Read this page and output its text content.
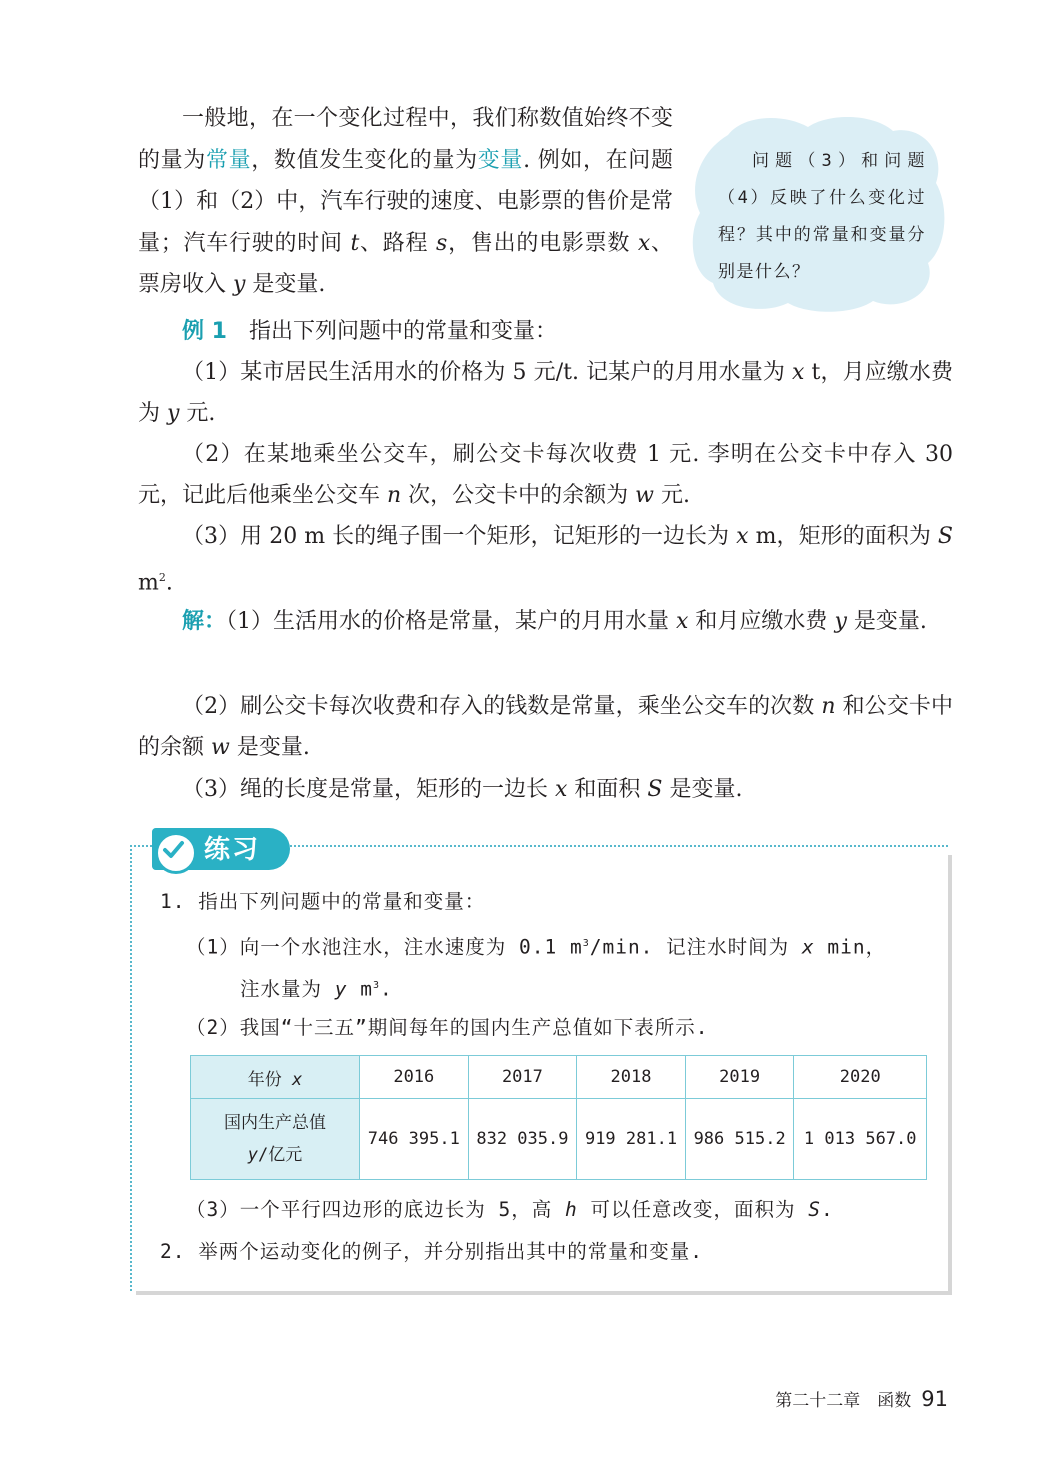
一般地，在一个变化过程中，我们称数值始终不变的量为常量，数值发生变化的量为变量. 例如，在问题（1）和（2）中，汽车行驶的速度、电影票的售价是常量；汽车行驶的时间 t、路程 s，售出的电影票数 x、票房收入 y 是变量.

问题（3）和问题（4）反映了什么变化过程？其中的常量和变量分别是什么？

例 1　 指出下列问题中的常量和变量：

（1）某市居民生活用水的价格为 5 元/t. 记某户的月用水量为 x t，月应缴水费为 y 元.

（2）在某地乘坐公交车，刷公交卡每次收费 1 元. 李明在公交卡中存入 30 元，记此后他乘坐公交车 n 次，公交卡中的余额为 w 元.

（3）用 20 m 长的绳子围一个矩形，记矩形的一边长为 x m，矩形的面积为 S $m^2$.

解：（1）生活用水的价格是常量，某户的月用水量 x 和月应缴水费 y 是变量.

（2）刷公交卡每次收费和存入的钱数是常量，乘坐公交车的次数 n 和公交卡中的余额 w 是变量.

（3）绳的长度是常量，矩形的一边长 x 和面积 S 是变量.

练习

1. 指出下列问题中的常量和变量：

（1）向一个水池注水，注水速度为 0.1 $m^3/\min$. 记注水时间为 x min，

注水量为 y $m^3$.

（2）我国“十三五”期间每年的国内生产总值如下表所示.

年份 x	2016	2017	2018	2019	2020
国内生产总值
y/亿元	746 395.1	832 035.9	919 281.1	986 515.2	1 013 567.0

（3）一个平行四边形的底边长为 5，高 h 可以任意改变，面积为 S.

2. 举两个运动变化的例子，并分别指出其中的常量和变量.

第二十二章　函数 91
